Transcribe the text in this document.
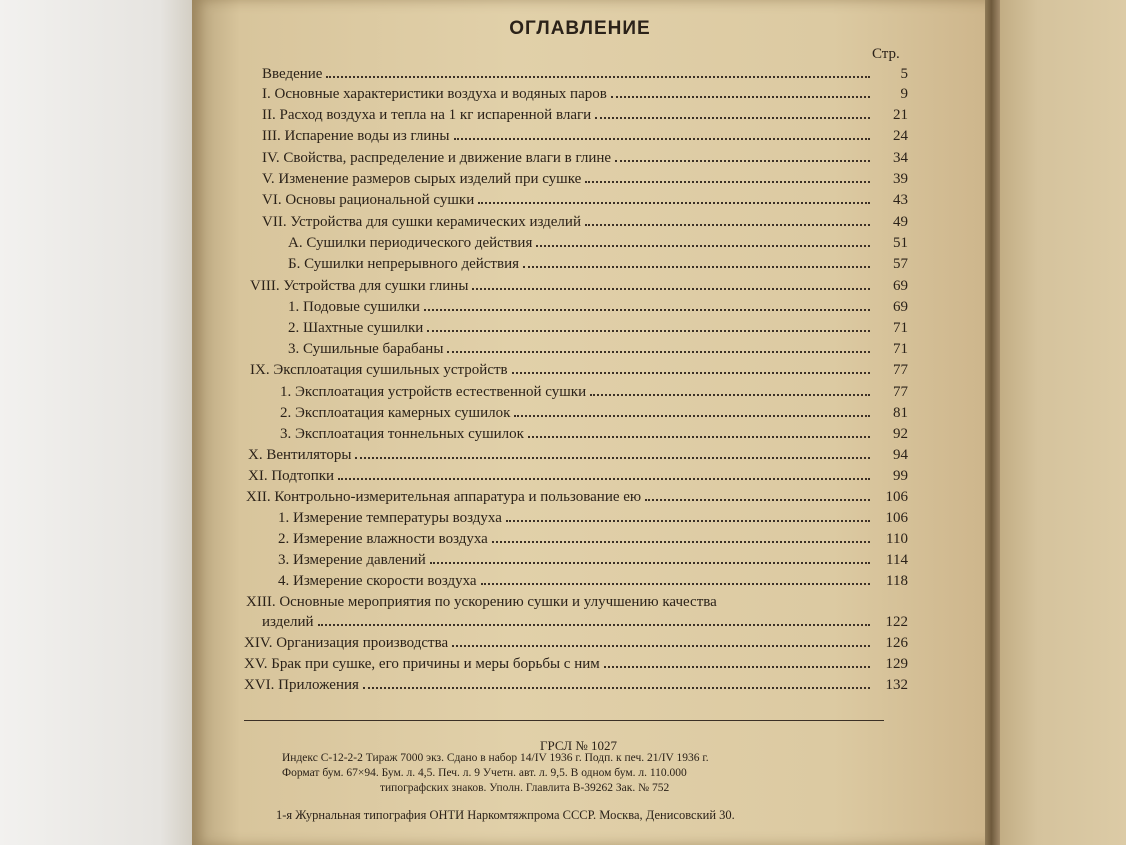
ОГЛАВЛЕНИЕ
Стр.
Введение	5
I. Основные характеристики воздуха и водяных паров	9
II. Расход воздуха и тепла на 1 кг испаренной влаги	21
III. Испарение воды из глины	24
IV. Свойства, распределение и движение влаги в глине	34
V. Изменение размеров сырых изделий при сушке	39
VI. Основы рациональной сушки	43
VII. Устройства для сушки керамических изделий	49
А. Сушилки периодического действия	51
Б. Сушилки непрерывного действия	57
VIII. Устройства для сушки глины	69
1. Подовые сушилки	69
2. Шахтные сушилки	71
3. Сушильные барабаны	71
IX. Эксплоатация сушильных устройств	77
1. Эксплоатация устройств естественной сушки	77
2. Эксплоатация камерных сушилок	81
3. Эксплоатация тоннельных сушилок	92
X. Вентиляторы	94
XI. Подтопки	99
XII. Контрольно-измерительная аппаратура и пользование ею	106
1. Измерение температуры воздуха	106
2. Измерение влажности воздуха	110
3. Измерение давлений	114
4. Измерение скорости воздуха	118
XIII. Основные мероприятия по ускорению сушки и улучшению качества
изделий	122
XIV. Организация производства	126
XV. Брак при сушке, его причины и меры борьбы с ним	129
XVI. Приложения	132
ГРСЛ № 1027
Индекс С-12-2-2 Тираж 7000 экз. Сдано в набор 14/IV 1936 г. Подп. к печ. 21/IV 1936 г.
Формат бум. 67×94. Бум. л. 4,5. Печ. л. 9 Учетн. авт. л. 9,5. В одном бум. л. 110.000
типографских знаков. Уполн. Главлита В-39262 Зак. № 752
1-я Журнальная типография ОНТИ Наркомтяжпрома СССР. Москва, Денисовский 30.
